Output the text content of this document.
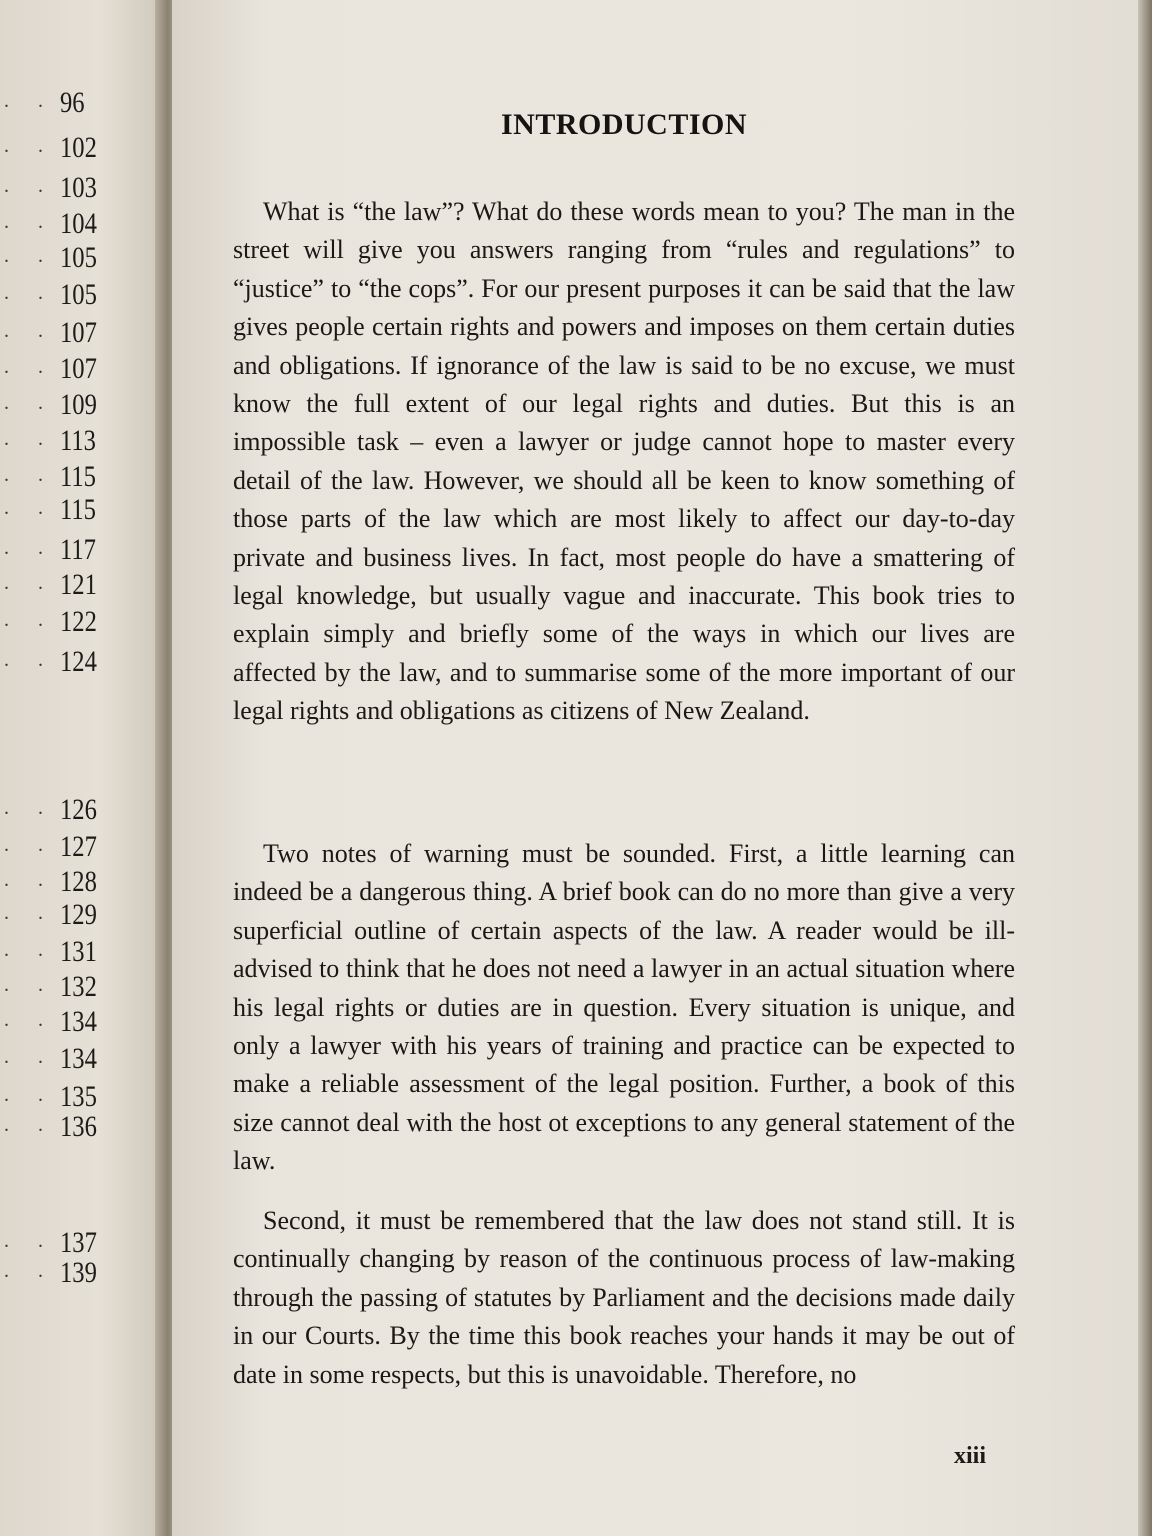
. . 96
. . 102
. . 103
. . 104
. . 105
. . 105
. . 107
. . 107
. . 109
. . 113
. . 115
. . 115
. . 117
. . 121
. . 122
. . 124
. . 126
. . 127
. . 128
. . 129
. . 131
. . 132
. . 134
. . 134
. . 135
. . 136
. . 137
. . 139
INTRODUCTION

What is “the law”? What do these words mean to you? The man in the street will give you answers ranging from “rules and regulations” to “justice” to “the cops”. For our present purposes it can be said that the law gives people certain rights and powers and imposes on them certain duties and obligations. If ignorance of the law is said to be no excuse, we must know the full extent of our legal rights and duties. But this is an impossible task – even a lawyer or judge cannot hope to master every detail of the law. However, we should all be keen to know something of those parts of the law which are most likely to affect our day-to-day private and business lives. In fact, most people do have a smattering of legal knowledge, but usually vague and inaccurate. This book tries to explain simply and briefly some of the ways in which our lives are affected by the law, and to summarise some of the more important of our legal rights and obligations as citizens of New Zealand.

Two notes of warning must be sounded. First, a little learning can indeed be a dangerous thing. A brief book can do no more than give a very superficial outline of certain aspects of the law. A reader would be ill-advised to think that he does not need a lawyer in an actual situation where his legal rights or duties are in question. Every situation is unique, and only a lawyer with his years of training and practice can be expected to make a reliable assessment of the legal position. Further, a book of this size cannot deal with the host ot exceptions to any general statement of the law.

Second, it must be remembered that the law does not stand still. It is continually changing by reason of the continuous process of law-making through the passing of statutes by Parliament and the decisions made daily in our Courts. By the time this book reaches your hands it may be out of date in some respects, but this is unavoidable. Therefore, no

xiii
